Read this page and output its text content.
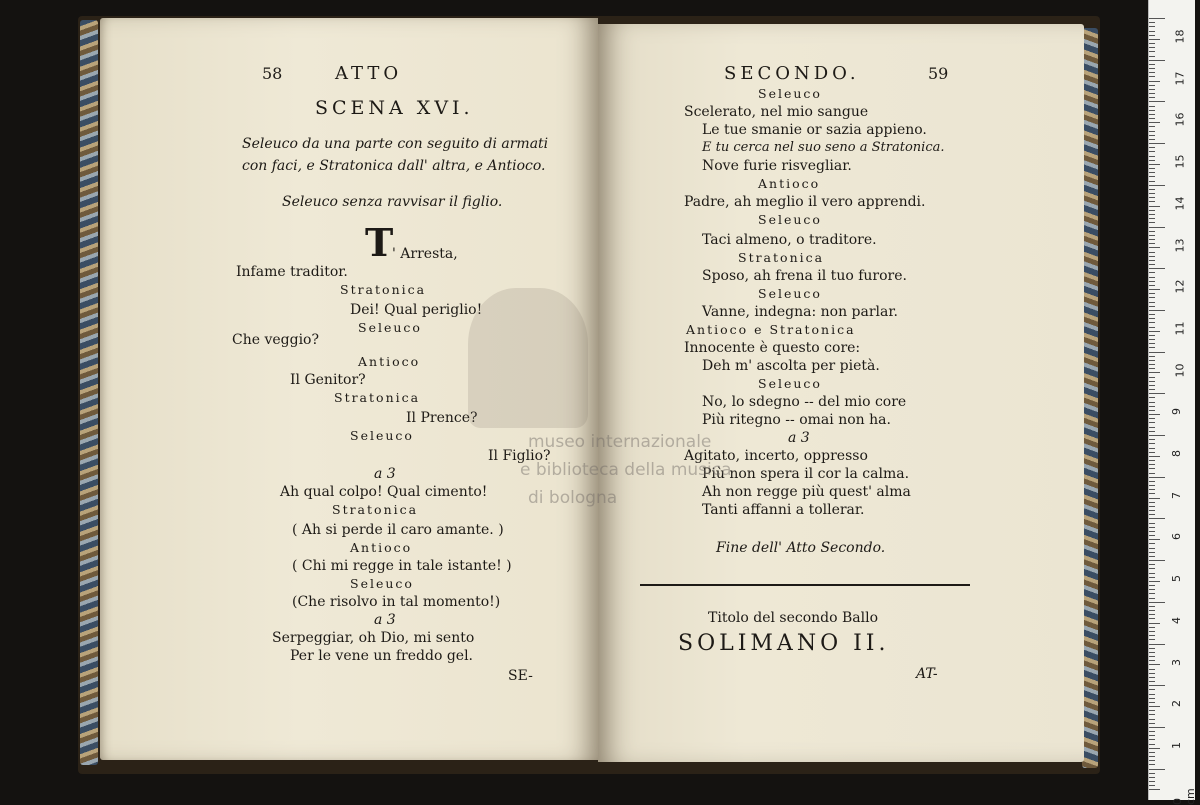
58	ATTO
SCENA XVI.
Seleuco da una parte con seguito di armati
con faci, e Stratonica dall' altra, e Antioco.
Seleuco senza ravvisar il figlio.
T
' Arresta,
Infame traditor.
Stratonica
Dei! Qual periglio!
Seleuco
Che veggio?
Antioco
Il Genitor?
Stratonica
Il Prence?
Seleuco
Il Figlio?
a 3
Ah qual colpo! Qual cimento!
Stratonica
( Ah si perde il caro amante. )
Antioco
( Chi mi regge in tale istante! )
Seleuco
(Che risolvo in tal momento!)
a 3
Serpeggiar, oh Dio, mi sento
Per le vene un freddo gel.
SE-
SECONDO.	59
Seleuco
Scelerato, nel mio sangue
Le tue smanie or sazia appieno.
E tu cerca nel suo seno a Stratonica.
Nove furie risvegliar.
Antioco
Padre, ah meglio il vero apprendi.
Seleuco
Taci almeno, o traditore.
Stratonica
Sposo, ah frena il tuo furore.
Seleuco
Vanne, indegna: non parlar.
Antioco e Stratonica
Innocente è questo core:
Deh m' ascolta per pietà.
Seleuco
No, lo sdegno -- del mio core
Più ritegno -- omai non ha.
a 3
Agitato, incerto, oppresso
Più non spera il cor la calma.
Ah non regge più quest' alma
Tanti affanni a tollerar.
Fine dell' Atto Secondo.
Titolo del secondo Ballo
SOLIMANO II.
AT-
museo internazionale
e biblioteca della musica
di bologna
18
17
16
15
14
13
12
11
10
9
8
7
6
5
4
3
2
1
0 cm
